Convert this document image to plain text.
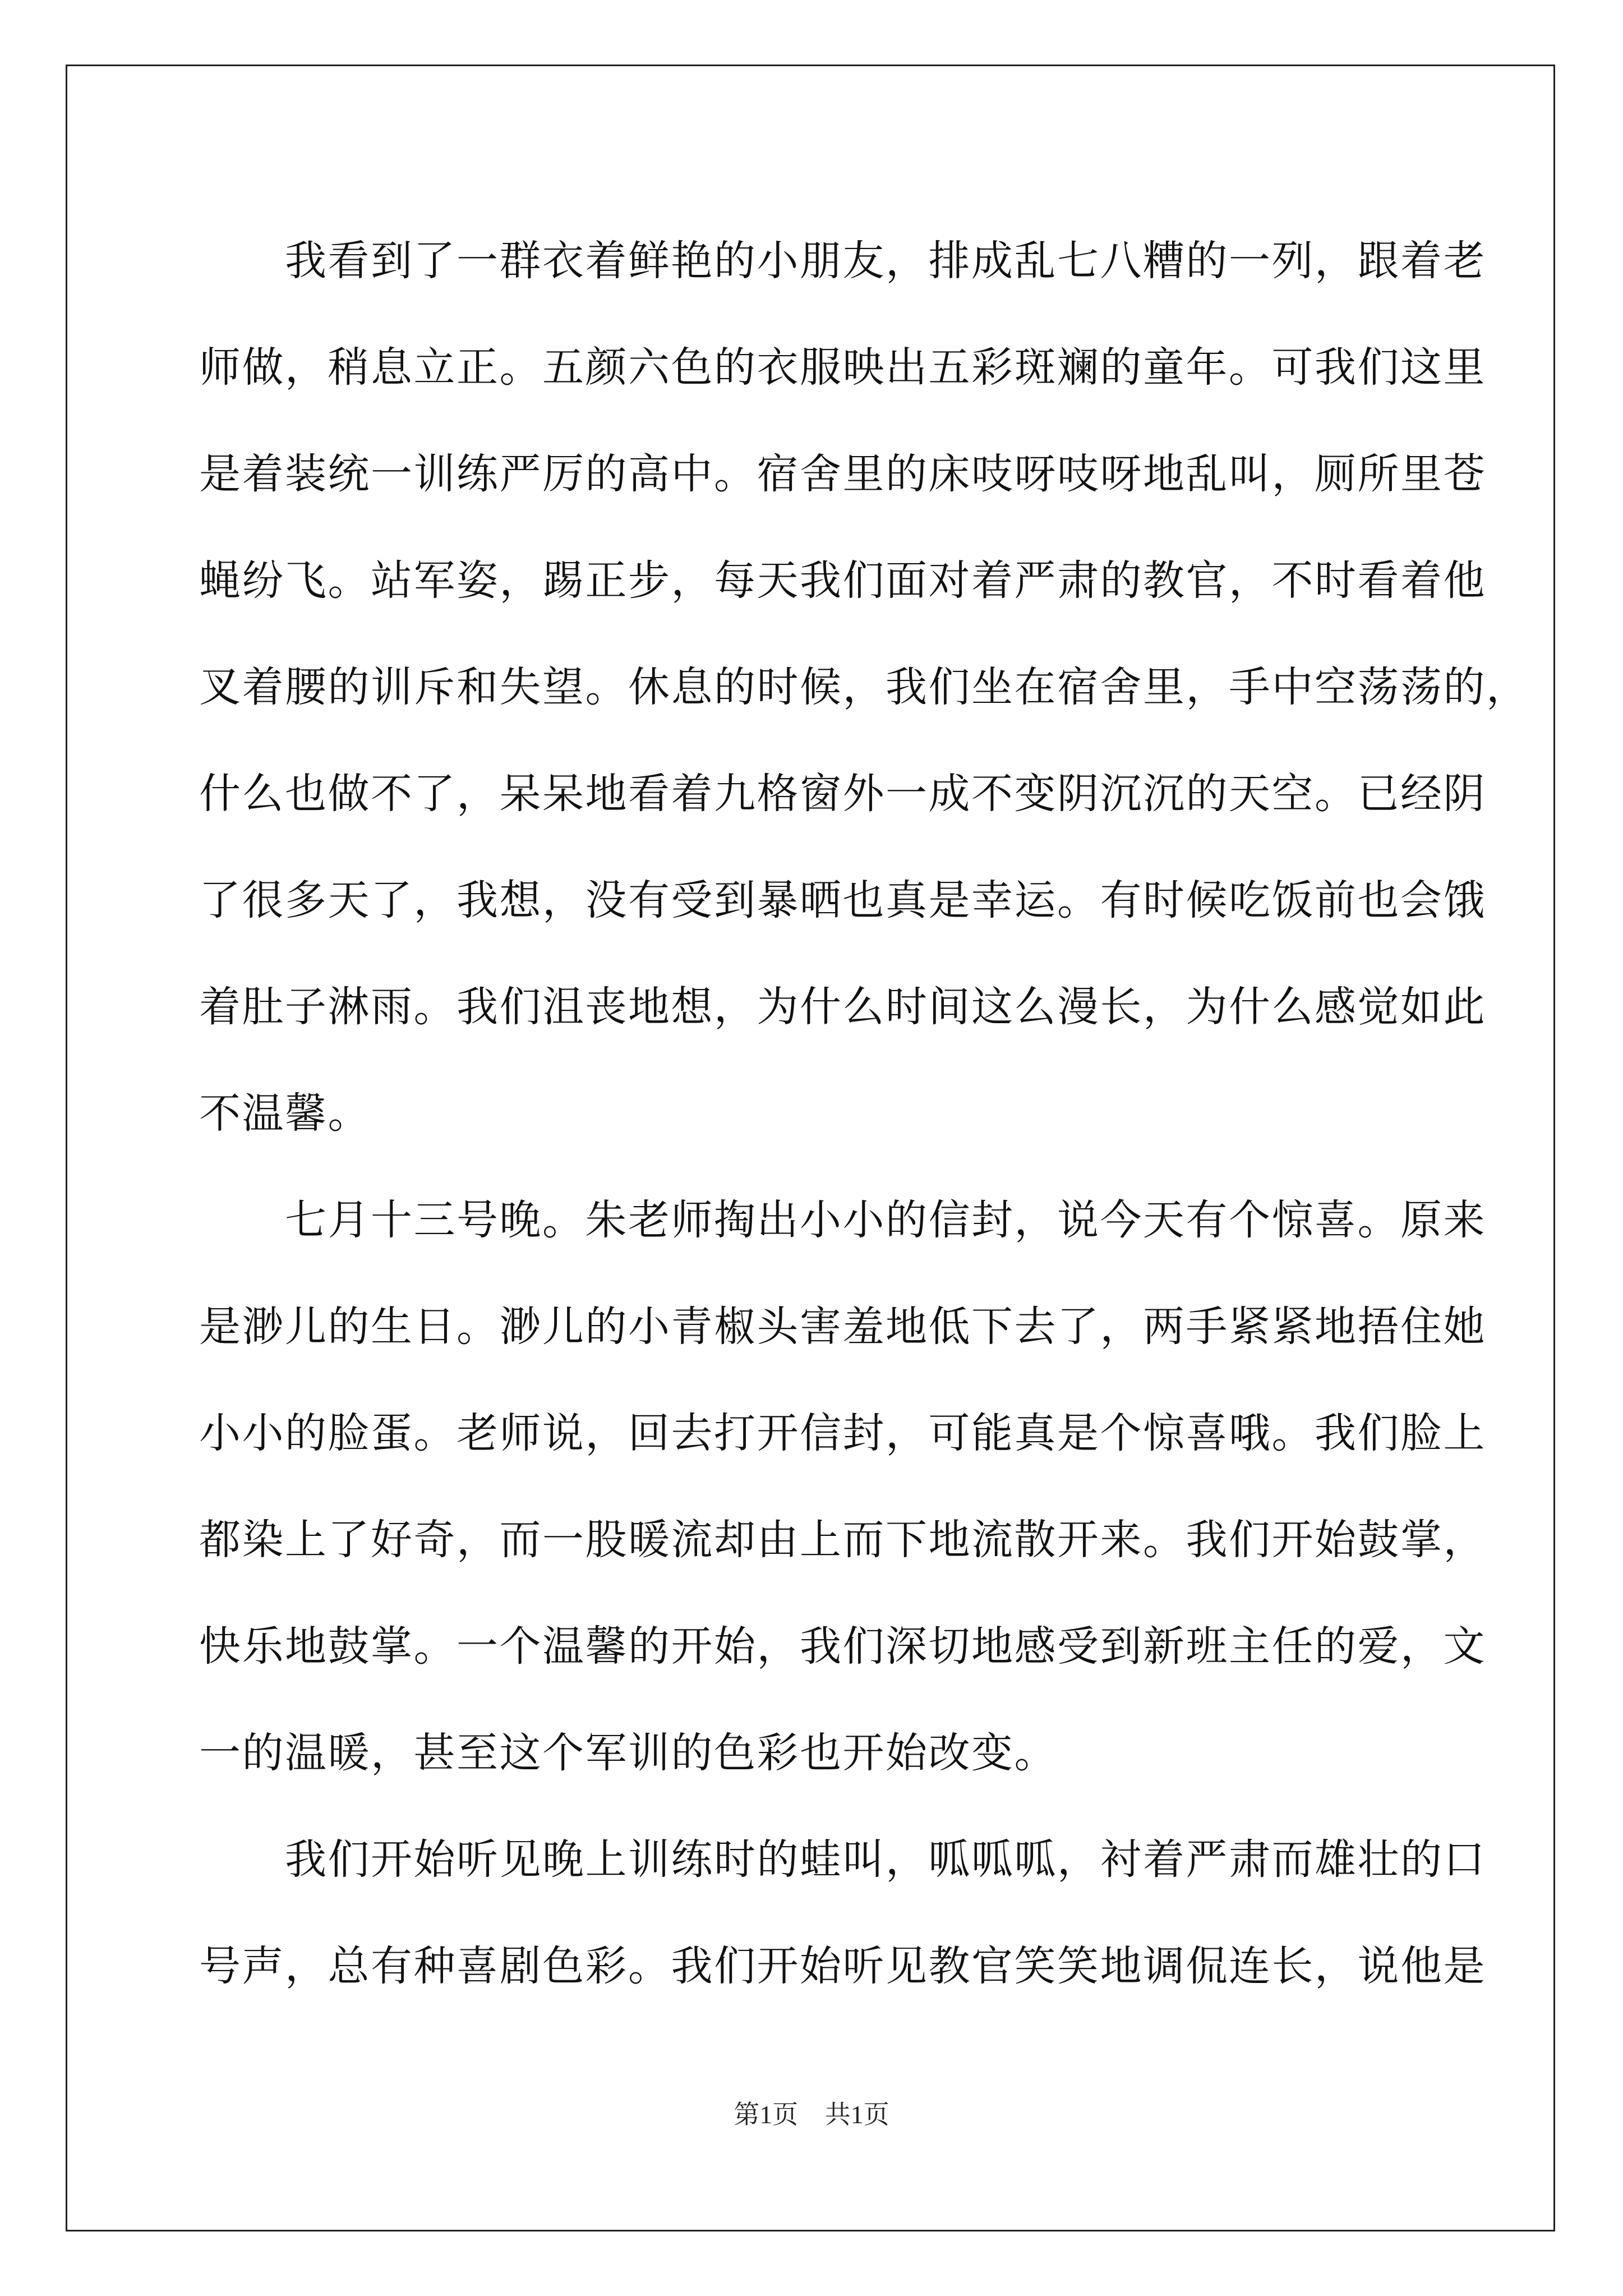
　　我看到了一群衣着鲜艳的小朋友，排成乱七八糟的一列，跟着老
师做，稍息立正。五颜六色的衣服映出五彩斑斓的童年。可我们这里
是着装统一训练严厉的高中。宿舍里的床吱呀吱呀地乱叫，厕所里苍
蝇纷飞。站军姿，踢正步，每天我们面对着严肃的教官，不时看着他
叉着腰的训斥和失望。休息的时候，我们坐在宿舍里，手中空荡荡的，
什么也做不了，呆呆地看着九格窗外一成不变阴沉沉的天空。已经阴
了很多天了，我想，没有受到暴晒也真是幸运。有时候吃饭前也会饿
着肚子淋雨。我们沮丧地想，为什么时间这么漫长，为什么感觉如此
不温馨。
　　七月十三号晚。朱老师掏出小小的信封，说今天有个惊喜。原来
是渺儿的生日。渺儿的小青椒头害羞地低下去了，两手紧紧地捂住她
小小的脸蛋。老师说，回去打开信封，可能真是个惊喜哦。我们脸上
都染上了好奇，而一股暖流却由上而下地流散开来。我们开始鼓掌，
快乐地鼓掌。一个温馨的开始，我们深切地感受到新班主任的爱，文
一的温暖，甚至这个军训的色彩也开始改变。
　　我们开始听见晚上训练时的蛙叫，呱呱呱，衬着严肃而雄壮的口
号声，总有种喜剧色彩。我们开始听见教官笑笑地调侃连长，说他是
第1页 共1页
